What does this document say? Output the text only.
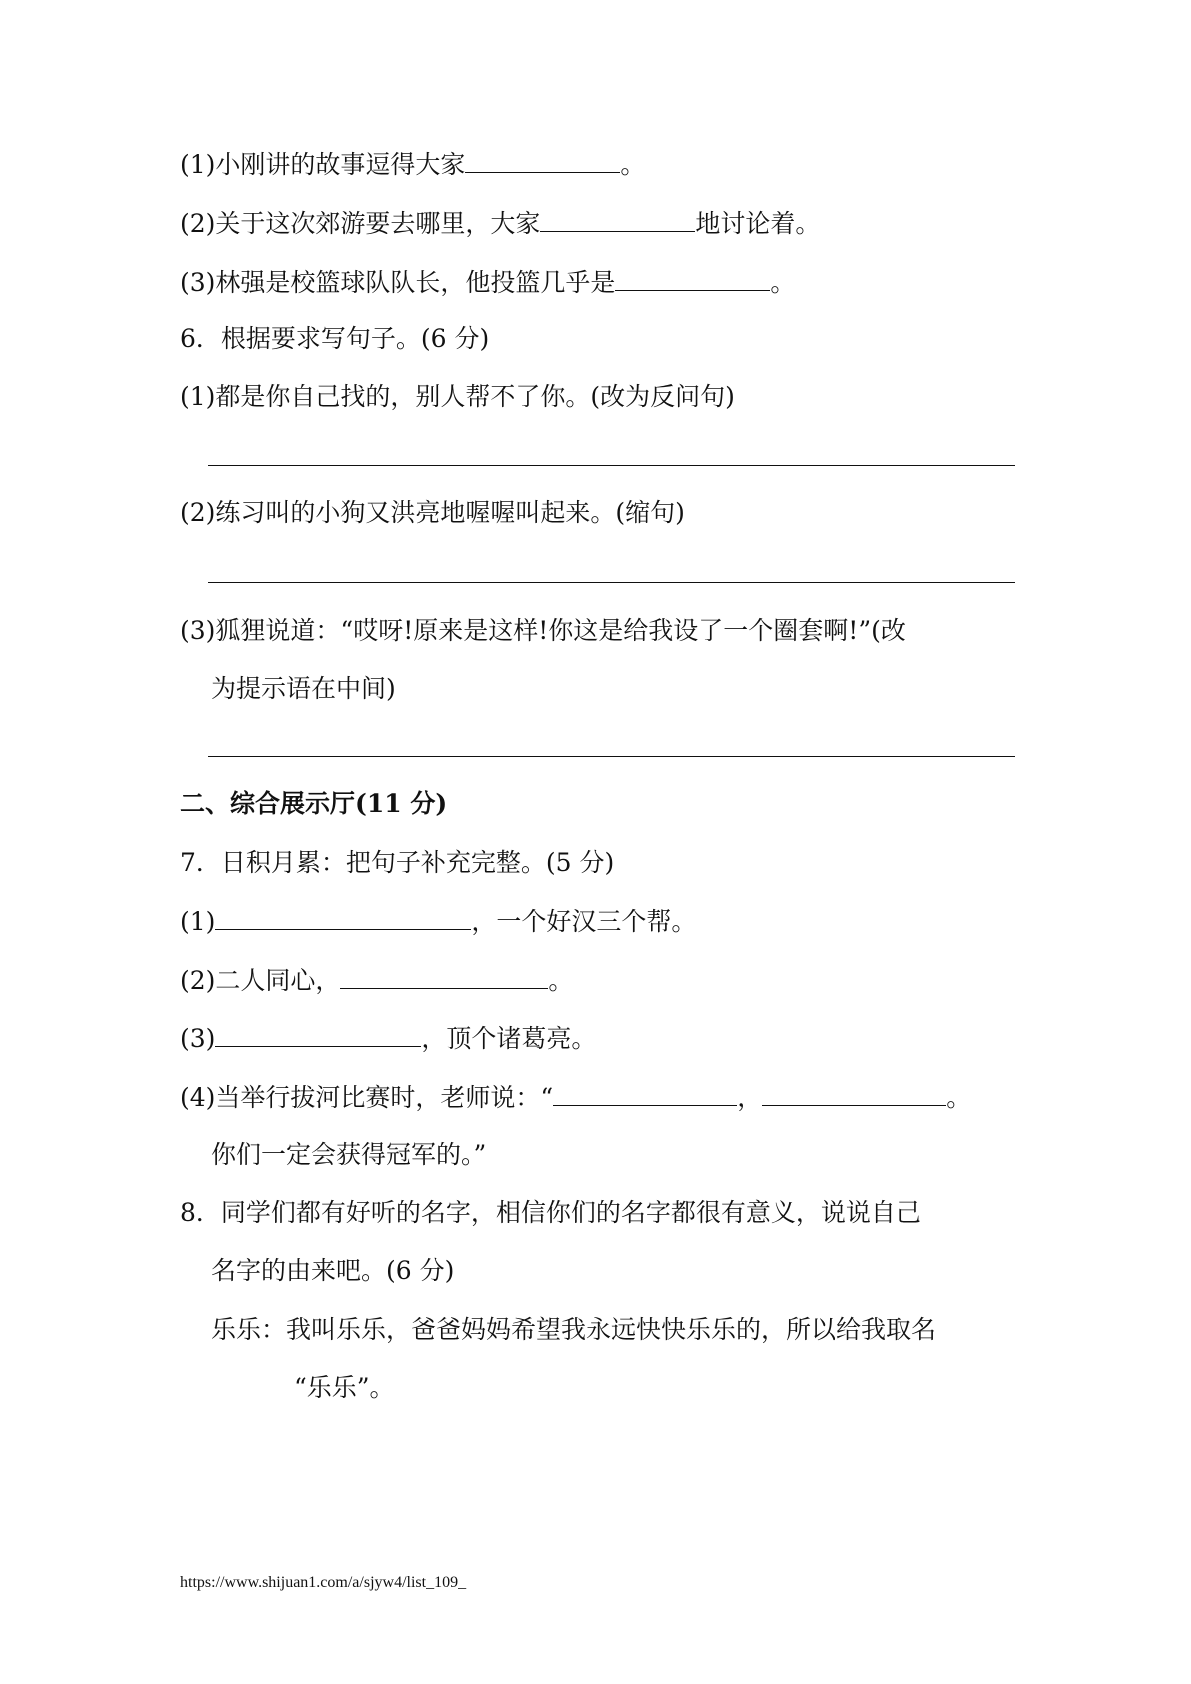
(1)小刚讲的故事逗得大家	。
(2)关于这次郊游要去哪里，大家	地讨论着。
(3)林强是校篮球队队长，他投篮几乎是	。
6．根据要求写句子。(6 分)
(1)都是你自己找的，别人帮不了你。(改为反问句)
(2)练习叫的小狗又洪亮地喔喔叫起来。(缩句)
(3)狐狸说道：“哎呀!原来是这样!你这是给我设了一个圈套啊!”(改
为提示语在中间)
二、综合展示厅(11 分)
7．日积月累：把句子补充完整。(5 分)
(1)	，一个好汉三个帮。
(2)二人同心，	。
(3)	，顶个诸葛亮。
(4)当举行拔河比赛时，老师说：“	，	。
你们一定会获得冠军的。”
8．同学们都有好听的名字，相信你们的名字都很有意义，说说自己
名字的由来吧。(6 分)
乐乐：我叫乐乐，爸爸妈妈希望我永远快快乐乐的，所以给我取名
“乐乐”。
https://www.shijuan1.com/a/sjyw4/list_109_
